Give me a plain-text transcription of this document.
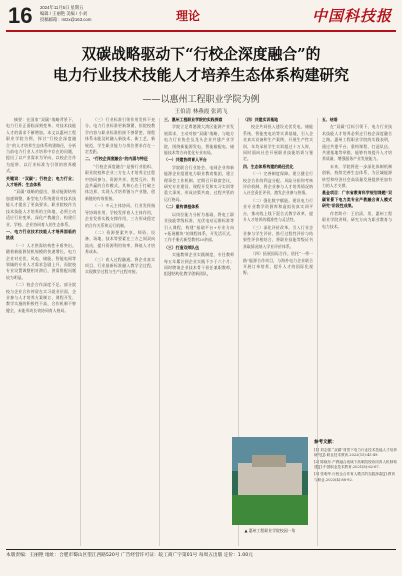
16 2024年11月5日 星期五
编辑 / 王丽艳 美编 / 小刘
投稿邮箱：mtzx@163.com	理论	中国科技报
双碳战略驱动下“行校企深度融合”的
电力行业技术技能人才培养生态体系构建研究
——以惠州工程职业学院为例
王伯清 林燕霞 张鸿飞

摘要：在国家“双碳”战略背景下，电力行业正面临深刻变革，对技术技能人才的需求不断增加。本文以惠州工程职业学院为例，探讨“行校企深度融合”的人才培养生态体系构建路径，分析当前电力行业人才培养中存在的问题，提出了以产业需求为导向、以校企合作为纽带、以行业标准为引领的培养模式。

关键词：“双碳”；行校企；电力行业；人才培养；生态体系

“双碳”战略的提出，推动能源结构加速调整，新型电力系统建设对技术技能人才提出了更高要求。职业院校作为技术技能人才培养的主阵地，必须主动适应行业变革，深化产教融合，构建行业、学校、企业协同育人的生态体系。

一、电力行业技术技能人才培养面临的挑战

（一）人才供需结构性矛盾突出。随着新能源装机规模的快速增长，电力企业对光伏、风电、储能、智能电网等领域的专业人才需求急剧上升，而院校专业设置调整相对滞后，供需错配问题较为明显。

（二）校企合作深度不足。部分院校与企业合作停留在实习就业层面，企业参与人才培养方案制订、课程开发、教学实施的积极性不高，合作机制不够健全，未能形成长效协同育人格局。

（三）行业标准引领作用发挥不充分。电力行业标准更新频繁，但院校教学内容与职业标准衔接不够紧密，课程体系未能及时融入新技术、新工艺、新规范，学生职业能力与岗位要求存在一定差距。

二、“行校企深度融合”的内涵与特征

“行校企深度融合”是指行业组织、职业院校和企业三方在人才培养全过程中协同参与、资源共享、优势互补、利益共赢的合作模式。其核心在于打破主体边界，实现人才培养链与产业链、创新链的有效衔接。

（一）多元主体协同。行业发挥指导协调作用，学校发挥育人主体作用，企业发挥实践支撑作用，三方形成稳定的合作关系和运行机制。

（二）资源要素共享。师资、设备、场地、技术等要素在三方之间双向流动，提升资源利用效率，降低人才培养成本。

（三）育人过程融通。将企业真实项目、行业最新标准融入教学全过程，实现教学过程与生产过程对接。

三、惠州工程职业学院的实践探索

学院立足粤港澳大湾区能源产业发展需求，主动对接“双碳”战略，与地方电力行业协会及龙头企业共建产业学院，围绕新能源发电、智能输配电、储能技术等方向优化专业布局。

（一）共建协同育人平台

学院联合行业协会、电网企业和新能源企业组建电力职业教育集团，建立理事会工作机制，定期召开联席会议，研究专业建设、课程开发和实习实训等重大事项，形成决策共商、过程共管的运行格局。

（二）重构课程体系

以岗位能力分析为基础，将电工职业技能等级标准、光伏电站运维标准等引入课程，构建“基础平台+专业方向+拓展模块”的课程体系，开发活页式、工作手册式新型教材20余部。

（三）打造双师队伍

实施教师企业实践制度，专任教师每五年累计到企业实践不少于六个月；同时聘请企业技术骨干担任兼职教师，组建结构化教学创新团队。

（四）共建实训基地

校企共同投入建设光伏发电、储能系统、智能变电站等实训基地，引入企业真实设备和生产案例，开展生产性实训，年均承担学生实训超过十万人时，同时面向社会开展职业技能培训与鉴定。

四、生态体系构建的路径优化

（一）完善制度保障。建立健全行校企合作的利益分配、风险分担和考核评价机制，将企业参与人才培养情况纳入社会责任评价，激发企业参与热情。

（二）强化数字赋能。建设电力行业专业教学资源库和虚拟仿真实训平台，推动线上线下混合式教学改革，提升人才培养的精准性与灵活性。

（三）深化评价改革。引入行业企业参与学生评价，推行过程性评价与结果性评价相结合，将职业技能等级证书获取情况纳入学业评价体系。

（四）拓展国际合作。依托“一带一路”能源合作项目，与海外电力企业联合开展订单培养，提升人才的国际化视野。

五、结语

在“双碳”目标引领下，电力行业技术技能人才培养必须走行校企深度融合之路。惠州工程职业学院的实践表明，通过共建平台、重构课程、打造队伍、共建基地等举措，能够有效提升人才培养质量，增强服务产业发展能力。

未来，学院将进一步深化体制机制创新，持续完善生态体系，为区域能源转型和经济社会高质量发展提供更加有力的人才支撑。

基金项目：广东省教育科学规划课题“双碳背景下电力类专业产教融合育人模式研究”阶段性成果。

作者简介：王伯清，男，惠州工程职业学院讲师，研究方向为职业教育与电力技术。

▲ 惠州工程职业学院校园一角
参考文献：

[1] 刘志强.“双碳”背景下电力行业技术技能人才培养研究[J].职业技术教育,2022(15):45-49.

[2] 陈晓东.产教融合视域下高职院校协同育人机制构建[J].中国职业技术教育,2021(8):62-67.

[3] 张明华.行校企合作育人模式的实践探索[J].教育与职业,2023(4):88-92.

本版责编：王丽艳 地址：合肥市蜀山区望江西路520号 广告经营许可证：皖工商广字第01号 每周五出版 定价：1.00元
